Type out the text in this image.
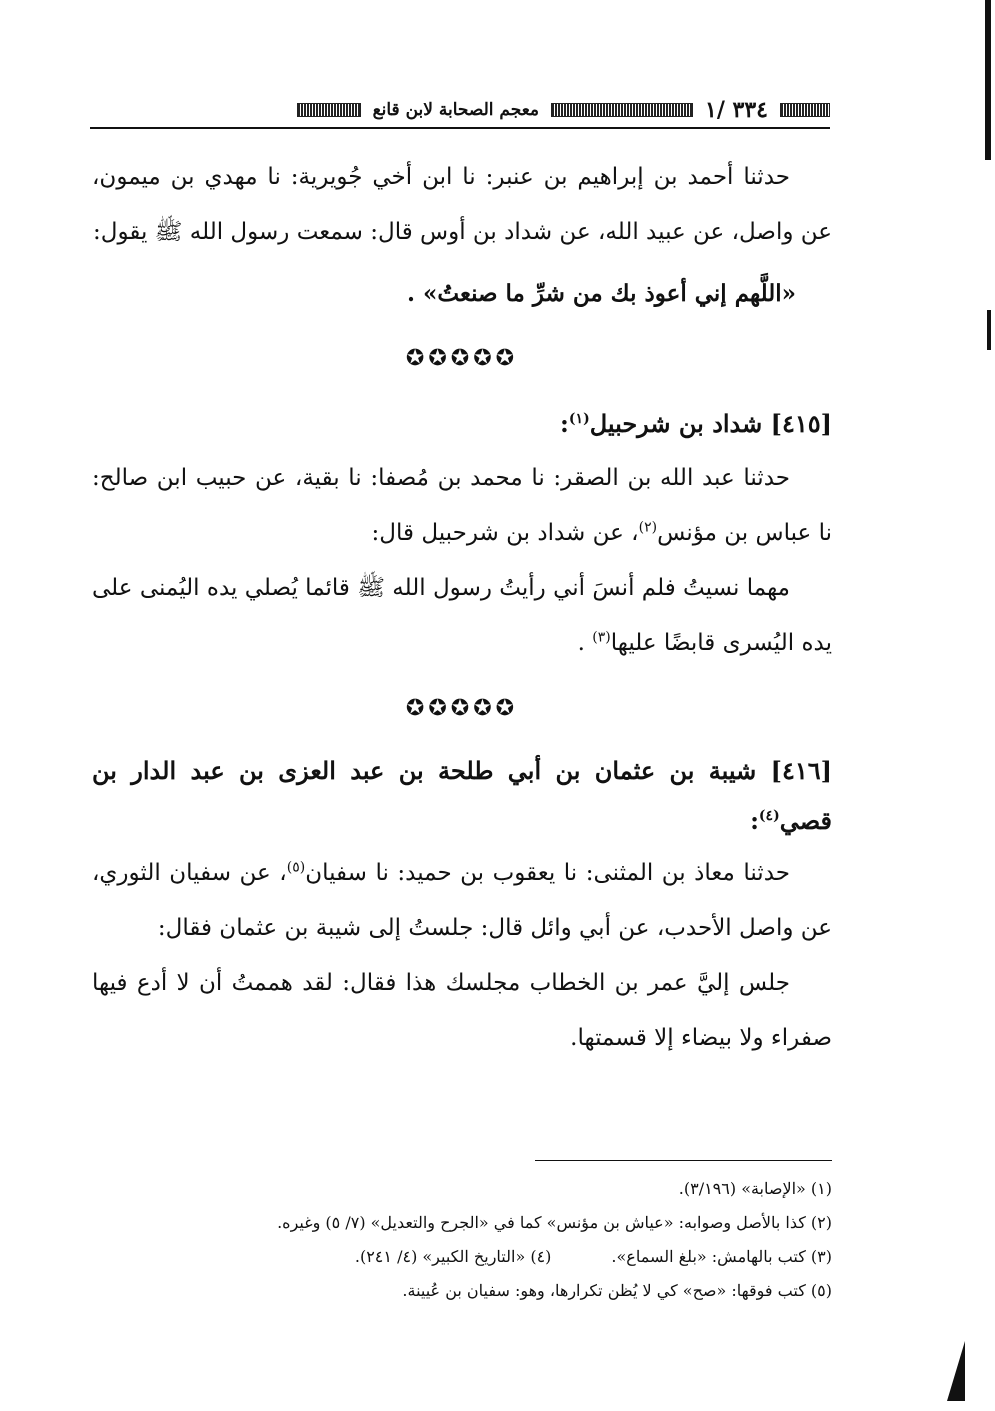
٣٣٤ /١
معجم الصحابة لابن قانع

حدثنا أحمد بن إبراهيم بن عنبر: نا ابن أخي جُويرية: نا مهدي بن ميمون، عن واصل، عن عبيد الله، عن شداد بن أوس قال: سمعت رسول الله ﷺ يقول:

«اللَّهم إني أعوذ بك من شرِّ ما صنعتُ» .

✪✪✪✪✪

[٤١٥] شداد بن شرحبيل$^{(١)}$:

حدثنا عبد الله بن الصقر: نا محمد بن مُصفا: نا بقية، عن حبيب ابن صالح: نا عباس بن مؤنس$^{(٢)}$، عن شداد بن شرحبيل قال:

مهما نسيتُ فلم أنسَ أني رأيتُ رسول الله ﷺ قائما يُصلي يده اليُمنى على يده اليُسرى قابضًا عليها$^{(٣)}$ .

✪✪✪✪✪

[٤١٦] شيبة بن عثمان بن أبي طلحة بن عبد العزى بن عبد الدار بن قصي$^{(٤)}$:

حدثنا معاذ بن المثنى: نا يعقوب بن حميد: نا سفيان$^{(٥)}$، عن سفيان الثوري، عن واصل الأحدب، عن أبي وائل قال: جلستُ إلى شيبة بن عثمان فقال:

جلس إليَّ عمر بن الخطاب مجلسك هذا فقال: لقد هممتُ أن لا أدع فيها صفراء ولا بيضاء إلا قسمتها.

(١) «الإصابة» (٣/١٩٦).
(٢) كذا بالأصل وصوابه: «عياش بن مؤنس» كما في «الجرح والتعديل» (٧/ ٥) وغيره.
(٣) كتب بالهامش: «بلغ السماع».
(٤) «التاريخ الكبير» (٤/ ٢٤١).
(٥) كتب فوقها: «صح» كي لا يُظن تكرارها، وهو: سفيان بن عُيينة.
